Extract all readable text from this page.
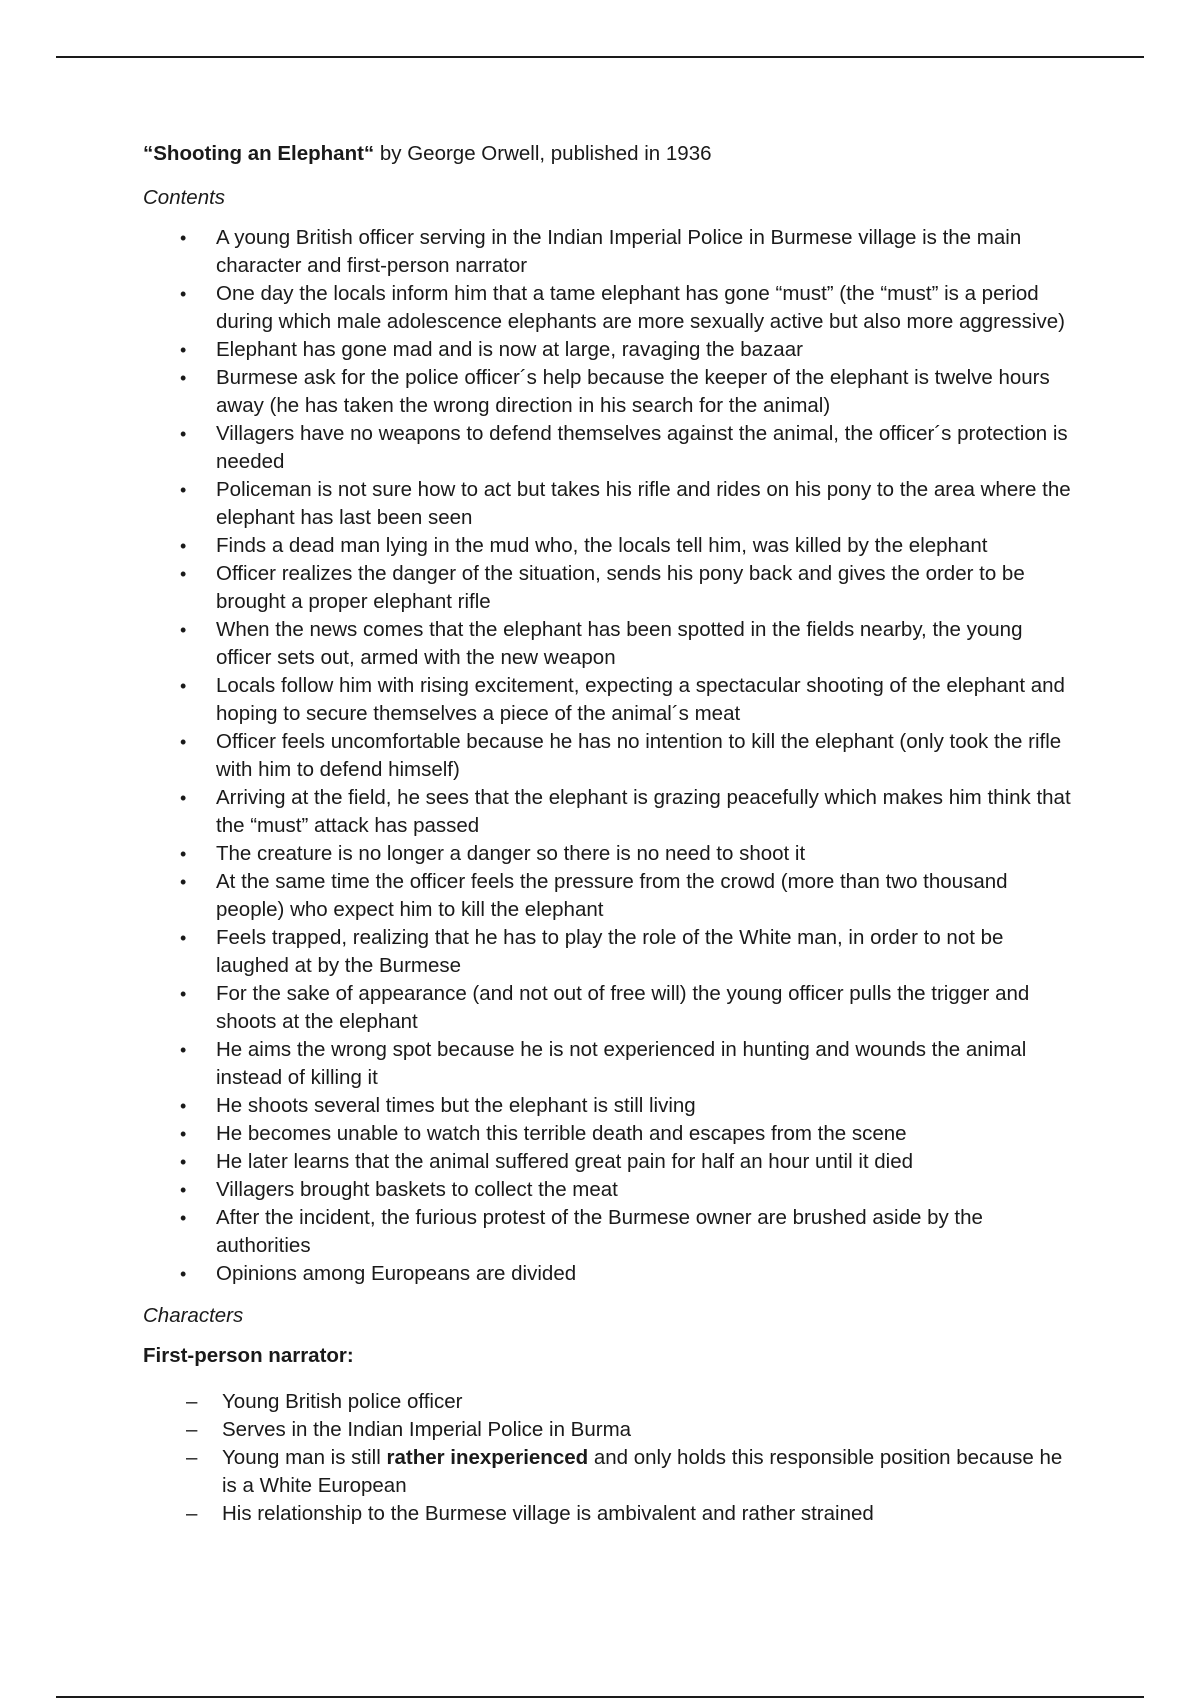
“Shooting an Elephant“ by George Orwell, published in 1936

Contents

• A young British officer serving in the Indian Imperial Police in Burmese village is the main character and first-person narrator
• One day the locals inform him that a tame elephant has gone “must” (the “must” is a period during which male adolescence elephants are more sexually active but also more aggressive)
• Elephant has gone mad and is now at large, ravaging the bazaar
• Burmese ask for the police officer´s help because the keeper of the elephant is twelve hours away (he has taken the wrong direction in his search for the animal)
• Villagers have no weapons to defend themselves against the animal, the officer´s protection is needed
• Policeman is not sure how to act but takes his rifle and rides on his pony to the area where the elephant has last been seen
• Finds a dead man lying in the mud who, the locals tell him, was killed by the elephant
• Officer realizes the danger of the situation, sends his pony back and gives the order to be brought a proper elephant rifle
• When the news comes that the elephant has been spotted in the fields nearby, the young officer sets out, armed with the new weapon
• Locals follow him with rising excitement, expecting a spectacular shooting of the elephant and hoping to secure themselves a piece of the animal´s meat
• Officer feels uncomfortable because he has no intention to kill the elephant (only took the rifle with him to defend himself)
• Arriving at the field, he sees that the elephant is grazing peacefully which makes him think that the “must” attack has passed
• The creature is no longer a danger so there is no need to shoot it
• At the same time the officer feels the pressure from the crowd (more than two thousand people) who expect him to kill the elephant
• Feels trapped, realizing that he has to play the role of the White man, in order to not be laughed at by the Burmese
• For the sake of appearance (and not out of free will) the young officer pulls the trigger and shoots at the elephant
• He aims the wrong spot because he is not experienced in hunting and wounds the animal instead of killing it
• He shoots several times but the elephant is still living
• He becomes unable to watch this terrible death and escapes from the scene
• He later learns that the animal suffered great pain for half an hour until it died
• Villagers brought baskets to collect the meat
• After the incident, the furious protest of the Burmese owner are brushed aside by the authorities
• Opinions among Europeans are divided

Characters

First-person narrator:

– Young British police officer
– Serves in the Indian Imperial Police in Burma
– Young man is still rather inexperienced and only holds this responsible position because he is a White European
– His relationship to the Burmese village is ambivalent and rather strained
